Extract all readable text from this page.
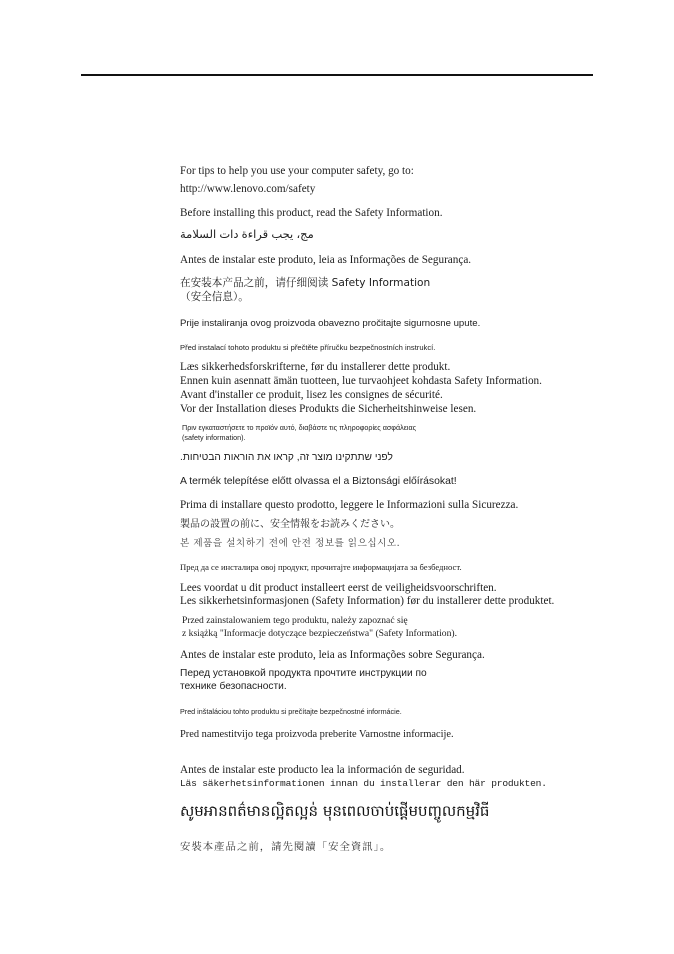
For tips to help you use your computer safety, go to:
http://www.lenovo.com/safety
Before installing this product, read the Safety Information.
مج، يجب قراءة دات السلامة
Antes de instalar este produto, leia as Informações de Segurança.
在安装本产品之前，请仔细阅读 Safety Information
（安全信息）。
Prije instaliranja ovog proizvoda obavezno pročitajte sigurnosne upute.
Před instalací tohoto produktu si přečtěte příručku bezpečnostních instrukcí.
Læs sikkerhedsforskrifterne, før du installerer dette produkt.
Ennen kuin asennatt ämän tuotteen, lue turvaohjeet kohdasta Safety Information.
Avant d'installer ce produit, lisez les consignes de sécurité.
Vor der Installation dieses Produkts die Sicherheitshinweise lesen.
Πριν εγκαταστήσετε το προϊόν αυτό, διαβάστε τις πληροφορίες ασφάλειας
(safety information).
לפני שתתקינו מוצר זה, קראו את הוראות הבטיחות.
A termék telepítése előtt olvassa el a Biztonsági előírásokat!
Prima di installare questo prodotto, leggere le Informazioni sulla Sicurezza.
製品の設置の前に、安全情報をお読みください。
본 제품을 설치하기 전에 안전 정보를 읽으십시오.
Пред да се инсталира овој продукт, прочитајте информацијата за безбедност.
Lees voordat u dit product installeert eerst de veiligheidsvoorschriften.
Les sikkerhetsinformasjonen (Safety Information) før du installerer dette produktet.
Przed zainstalowaniem tego produktu, należy zapoznać się
z książką "Informacje dotyczące bezpieczeństwa" (Safety Information).
Antes de instalar este produto, leia as Informações sobre Segurança.
Перед установкой продукта прочтите инструкции по
технике безопасности.
Pred inštaláciou tohto produktu si prečítajte bezpečnostné informácie.
Pred namestitvijo tega proizvoda preberite Varnostne informacije.
Antes de instalar este producto lea la información de seguridad.
Läs säkerhetsinformationen innan du installerar den här produkten.
សូមអានពត៌មានល្អិតល្អន់ មុនពេលចាប់ផ្តើមបញ្ចូលកម្មវិធី
安裝本產品之前，請先閱讀「安全資訊」。
